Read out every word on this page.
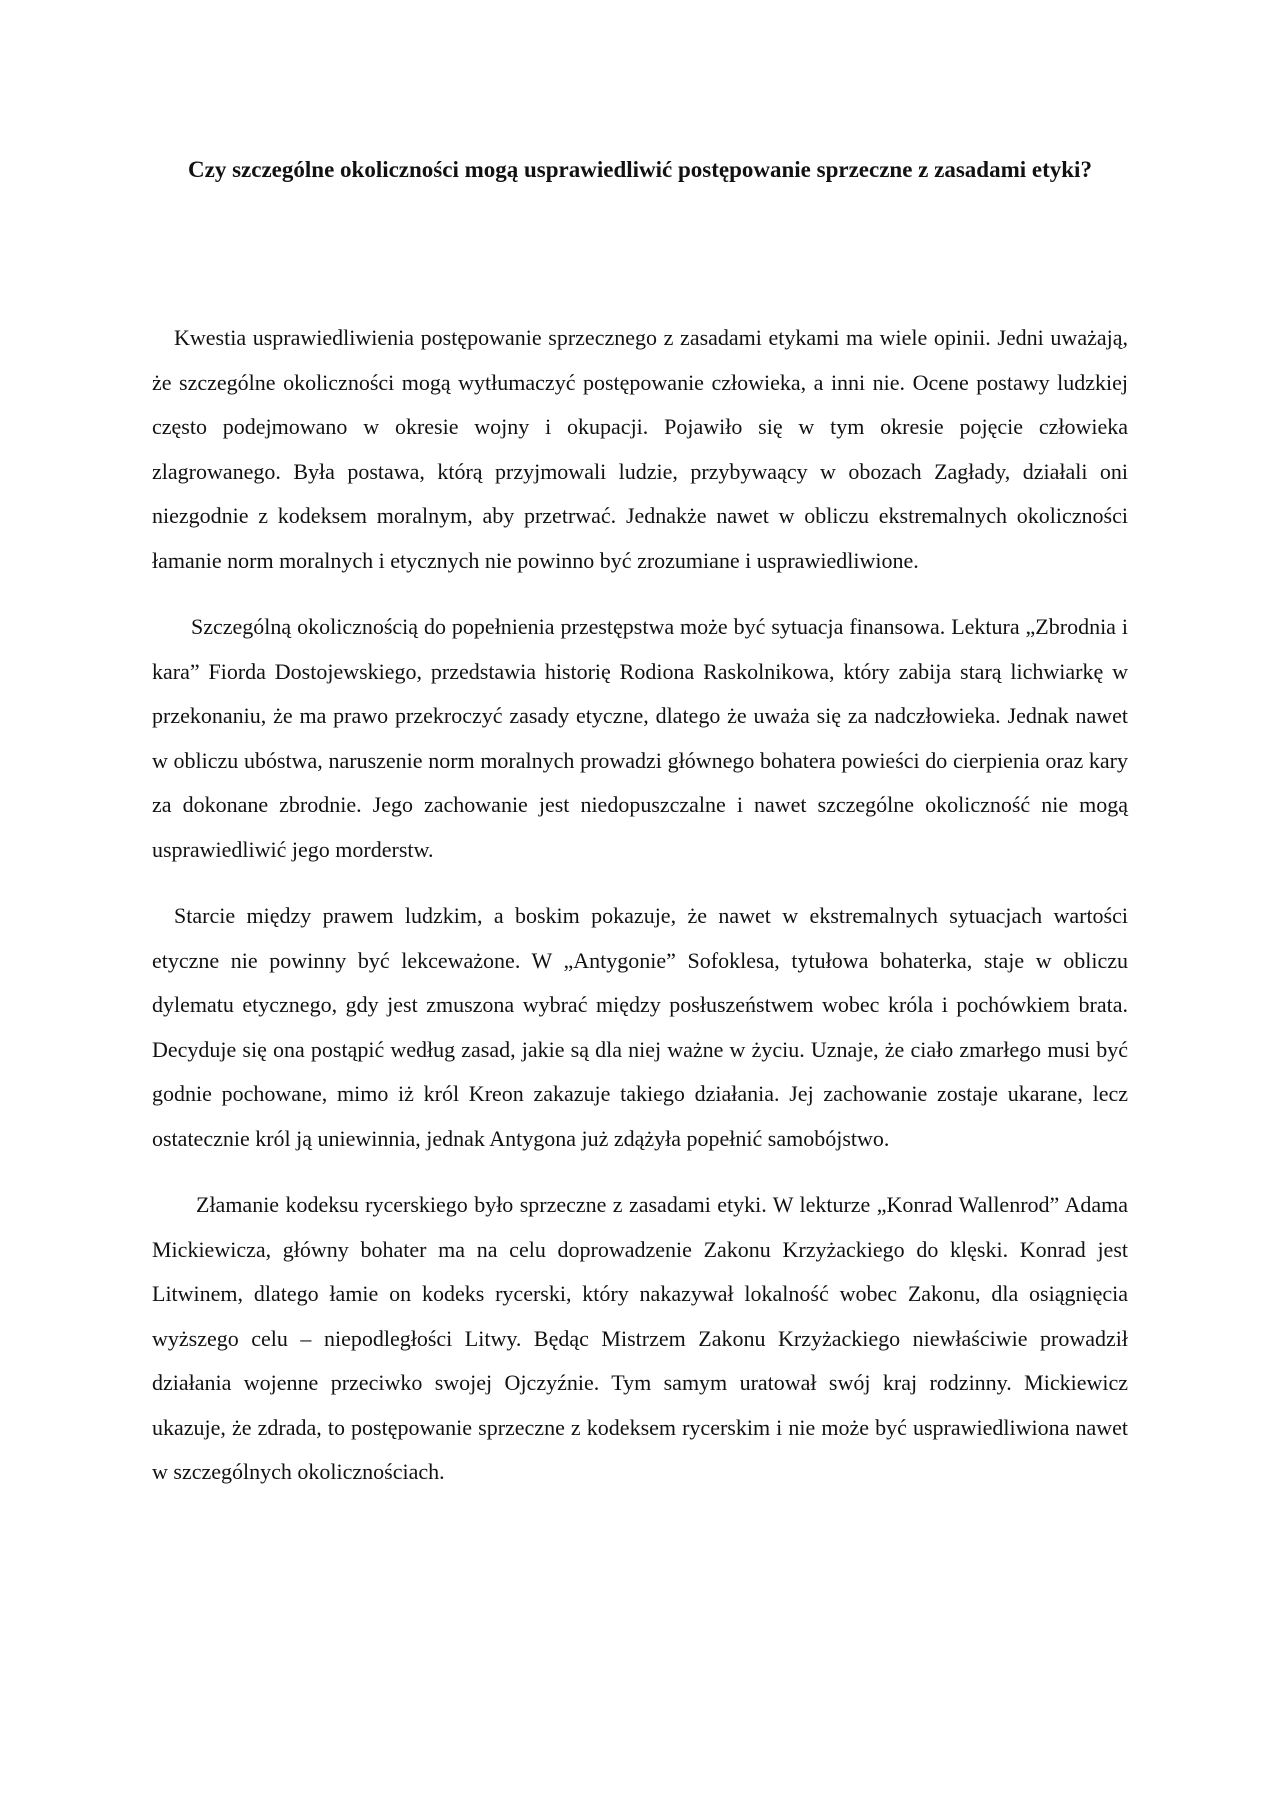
Czy szczególne okoliczności mogą usprawiedliwić postępowanie sprzeczne z zasadami etyki?

Kwestia usprawiedliwienia postępowanie sprzecznego z zasadami etykami ma wiele opinii. Jedni uważają, że szczególne okoliczności mogą wytłumaczyć postępowanie człowieka, a inni nie. Ocene postawy ludzkiej często podejmowano w okresie wojny i okupacji. Pojawiło się w tym okresie pojęcie człowieka zlagrowanego. Była postawa, którą przyjmowali ludzie, przybywaący w obozach Zagłady, działali oni niezgodnie z kodeksem moralnym, aby przetrwać. Jednakże nawet w obliczu ekstremalnych okoliczności łamanie norm moralnych i etycznych nie powinno być zrozumiane i usprawiedliwione.

Szczególną okolicznością do popełnienia przestępstwa może być sytuacja finansowa. Lektura „Zbrodnia i kara” Fiorda Dostojewskiego, przedstawia historię Rodiona Raskolnikowa, który zabija starą lichwiarkę w przekonaniu, że ma prawo przekroczyć zasady etyczne, dlatego że uważa się za nadczłowieka. Jednak nawet w obliczu ubóstwa, naruszenie norm moralnych prowadzi głównego bohatera powieści do cierpienia oraz kary za dokonane zbrodnie. Jego zachowanie jest niedopuszczalne i nawet szczególne okoliczność nie mogą usprawiedliwić jego morderstw.

Starcie między prawem ludzkim, a boskim pokazuje, że nawet w ekstremalnych sytuacjach wartości etyczne nie powinny być lekceważone. W „Antygonie” Sofoklesa, tytułowa bohaterka, staje w obliczu dylematu etycznego, gdy jest zmuszona wybrać między posłuszeństwem wobec króla i pochówkiem brata. Decyduje się ona postąpić według zasad, jakie są dla niej ważne w życiu. Uznaje, że ciało zmarłego musi być godnie pochowane, mimo iż król Kreon zakazuje takiego działania. Jej zachowanie zostaje ukarane, lecz ostatecznie król ją uniewinnia, jednak Antygona już zdążyła popełnić samobójstwo.

Złamanie kodeksu rycerskiego było sprzeczne z zasadami etyki. W lekturze „Konrad Wallenrod” Adama Mickiewicza, główny bohater ma na celu doprowadzenie Zakonu Krzyżackiego do klęski. Konrad jest Litwinem, dlatego łamie on kodeks rycerski, który nakazywał lokalność wobec Zakonu, dla osiągnięcia wyższego celu – niepodległości Litwy. Będąc Mistrzem Zakonu Krzyżackiego niewłaściwie prowadził działania wojenne przeciwko swojej Ojczyźnie. Tym samym uratował swój kraj rodzinny. Mickiewicz ukazuje, że zdrada, to postępowanie sprzeczne z kodeksem rycerskim i nie może być usprawiedliwiona nawet w szczególnych okolicznościach.
